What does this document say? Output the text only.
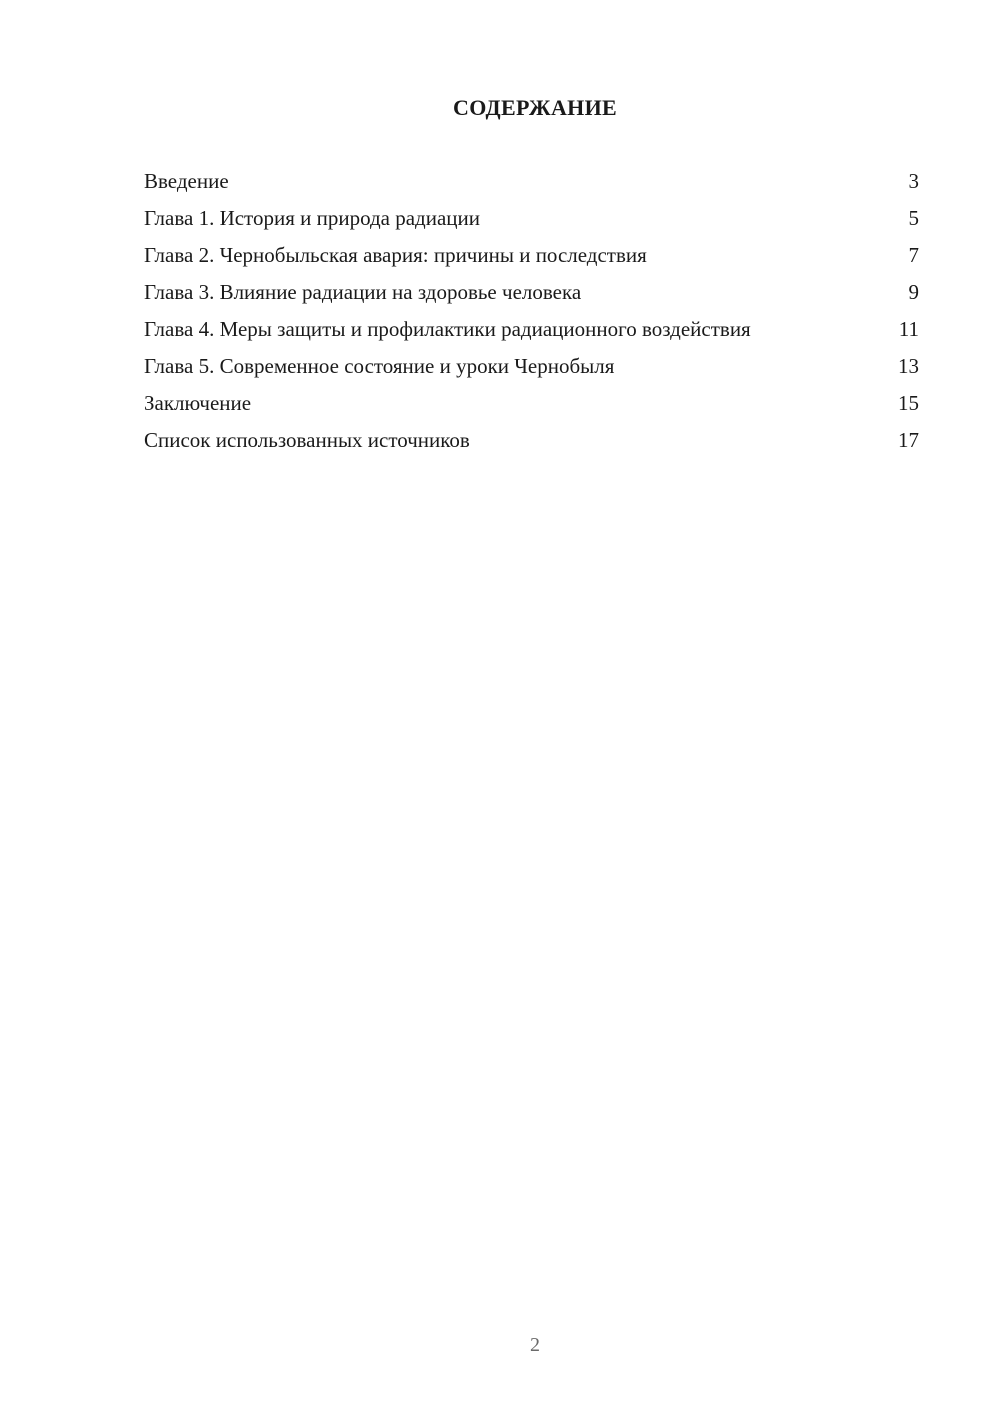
СОДЕРЖАНИЕ
Введение	3
Глава 1. История и природа радиации	5
Глава 2. Чернобыльская авария: причины и последствия	7
Глава 3. Влияние радиации на здоровье человека	9
Глава 4. Меры защиты и профилактики радиационного воздействия	11
Глава 5. Современное состояние и уроки Чернобыля	13
Заключение	15
Список использованных источников	17
2
